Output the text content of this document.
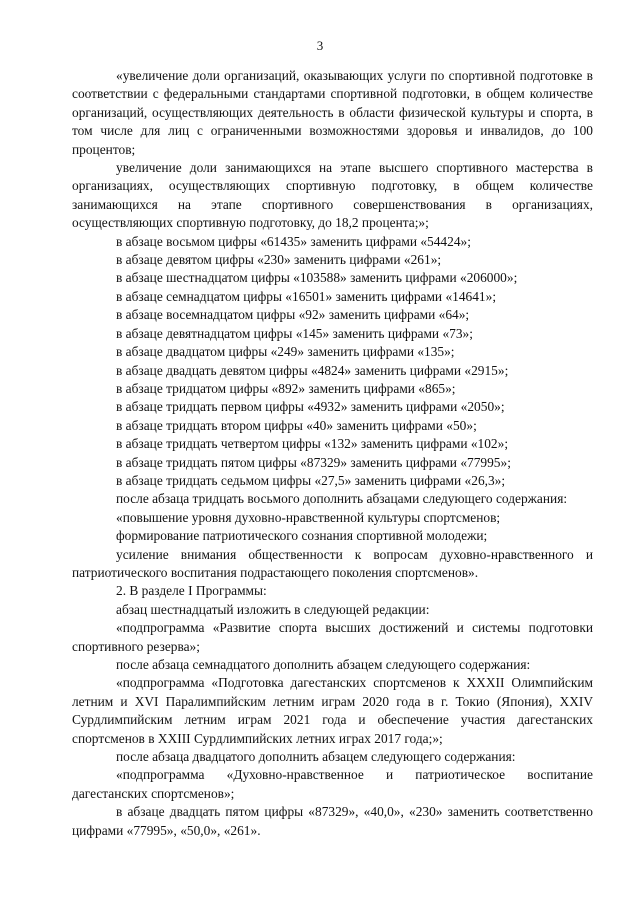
3

«увеличение доли организаций, оказывающих услуги по спортивной подготовке в соответствии с федеральными стандартами спортивной подготовки, в общем количестве организаций, осуществляющих деятельность в области физической культуры и спорта, в том числе для лиц с ограниченными возможностями здоровья и инвалидов, до 100 процентов;

увеличение доли занимающихся на этапе высшего спортивного мастерства в организациях, осуществляющих спортивную подготовку, в общем количестве занимающихся на этапе спортивного совершенствования в организациях, осуществляющих спортивную подготовку, до 18,2 процента;»;

в абзаце восьмом цифры «61435» заменить цифрами «54424»;

в абзаце девятом цифры «230» заменить цифрами «261»;

в абзаце шестнадцатом цифры «103588» заменить цифрами «206000»;

в абзаце семнадцатом цифры «16501» заменить цифрами «14641»;

в абзаце восемнадцатом цифры «92» заменить цифрами «64»;

в абзаце девятнадцатом цифры «145» заменить цифрами «73»;

в абзаце двадцатом цифры «249» заменить цифрами «135»;

в абзаце двадцать девятом цифры «4824» заменить цифрами «2915»;

в абзаце тридцатом цифры «892» заменить цифрами «865»;

в абзаце тридцать первом цифры «4932» заменить цифрами «2050»;

в абзаце тридцать втором цифры «40» заменить цифрами «50»;

в абзаце тридцать четвертом цифры «132» заменить цифрами «102»;

в абзаце тридцать пятом цифры «87329» заменить цифрами «77995»;

в абзаце тридцать седьмом цифры «27,5» заменить цифрами «26,3»;

после абзаца тридцать восьмого дополнить абзацами следующего содержания:

«повышение уровня духовно-нравственной культуры спортсменов;

формирование патриотического сознания спортивной молодежи;

усиление внимания общественности к вопросам духовно-нравственного и патриотического воспитания подрастающего поколения спортсменов».

2. В разделе I Программы:

абзац шестнадцатый изложить в следующей редакции:

«подпрограмма «Развитие спорта высших достижений и системы подготовки спортивного резерва»;

после абзаца семнадцатого дополнить абзацем следующего содержания:

«подпрограмма «Подготовка дагестанских спортсменов к XXXII Олимпийским летним и XVI Паралимпийским летним играм 2020 года в г. Токио (Япония), XXIV Сурдлимпийским летним играм 2021 года и обеспечение участия дагестанских спортсменов в XXIII Сурдлимпийских летних играх 2017 года;»;

после абзаца двадцатого дополнить абзацем следующего содержания:

«подпрограмма «Духовно-нравственное и патриотическое воспитание дагестанских спортсменов»;

в абзаце двадцать пятом цифры «87329», «40,0», «230» заменить соответственно цифрами «77995», «50,0», «261».
